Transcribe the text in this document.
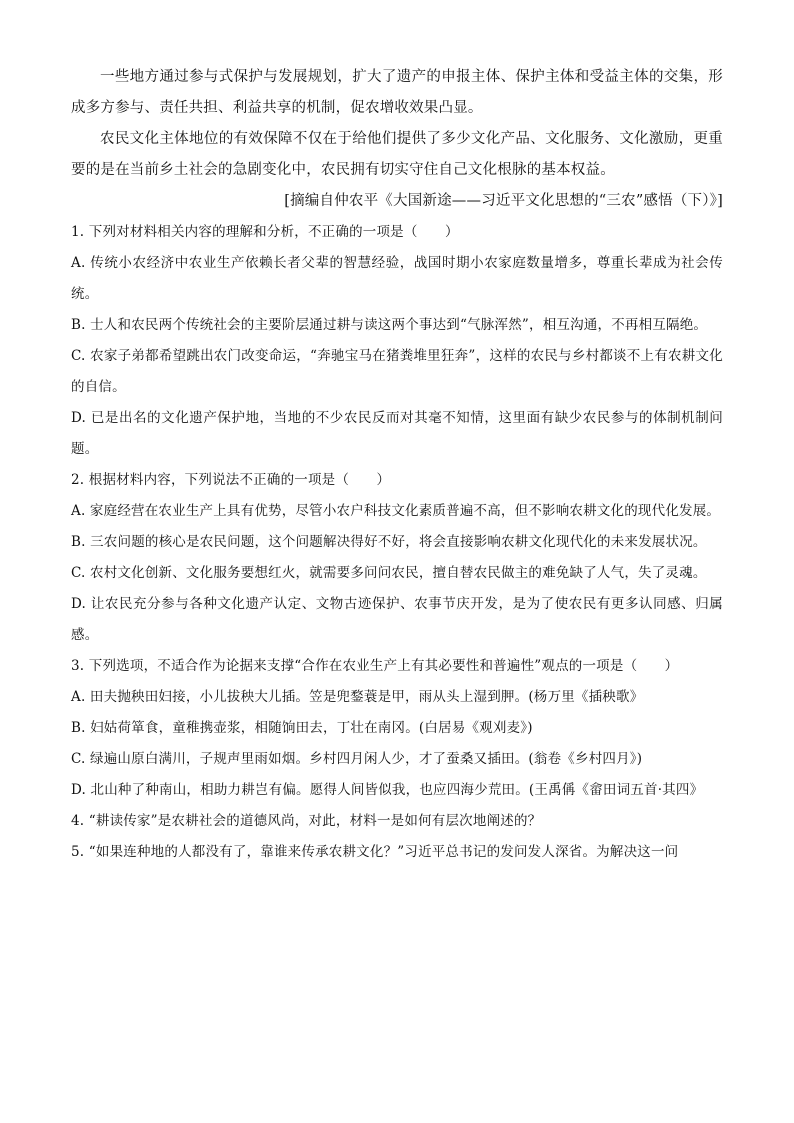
一些地方通过参与式保护与发展规划，扩大了遗产的申报主体、保护主体和受益主体的交集，形成多方参与、责任共担、利益共享的机制，促农增收效果凸显。

农民文化主体地位的有效保障不仅在于给他们提供了多少文化产品、文化服务、文化激励，更重要的是在当前乡土社会的急剧变化中，农民拥有切实守住自己文化根脉的基本权益。

[摘编自仲农平《大国新途——习近平文化思想的“三农”感悟（下）》]

1. 下列对材料相关内容的理解和分析，不正确的一项是（　　）

A. 传统小农经济中农业生产依赖长者父辈的智慧经验，战国时期小农家庭数量增多，尊重长辈成为社会传统。

B. 士人和农民两个传统社会的主要阶层通过耕与读这两个事达到“气脉浑然”，相互沟通，不再相互隔绝。

C. 农家子弟都希望跳出农门改变命运，“奔驰宝马在猪粪堆里狂奔”，这样的农民与乡村都谈不上有农耕文化的自信。

D. 已是出名的文化遗产保护地，当地的不少农民反而对其毫不知情，这里面有缺少农民参与的体制机制问题。

2. 根据材料内容，下列说法不正确的一项是（　　）

A. 家庭经营在农业生产上具有优势，尽管小农户科技文化素质普遍不高，但不影响农耕文化的现代化发展。

B. 三农问题的核心是农民问题，这个问题解决得好不好，将会直接影响农耕文化现代化的未来发展状况。

C. 农村文化创新、文化服务要想红火，就需要多问问农民，擅自替农民做主的难免缺了人气，失了灵魂。

D. 让农民充分参与各种文化遗产认定、文物古迹保护、农事节庆开发，是为了使农民有更多认同感、归属感。

3. 下列选项，不适合作为论据来支撑“合作在农业生产上有其必要性和普遍性”观点的一项是（　　）

A. 田夫抛秧田妇接，小儿拔秧大儿插。笠是兜鍪蓑是甲，雨从头上湿到胛。(杨万里《插秧歌》

B. 妇姑荷箪食，童稚携壶浆，相随饷田去，丁壮在南冈。(白居易《观刈麦》)

C. 绿遍山原白满川，子规声里雨如烟。乡村四月闲人少，才了蚕桑又插田。(翁卷《乡村四月》)

D. 北山种了种南山，相助力耕岂有偏。愿得人间皆似我，也应四海少荒田。(王禹偁《畲田词五首·其四》

4. “耕读传家”是农耕社会的道德风尚，对此，材料一是如何有层次地阐述的？

5. “如果连种地的人都没有了，靠谁来传承农耕文化？”习近平总书记的发问发人深省。为解决这一问
